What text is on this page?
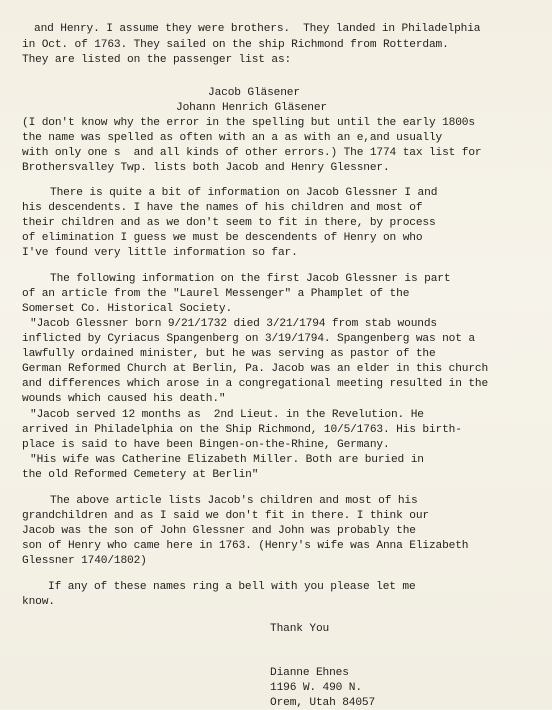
and Henry. I assume they were brothers.  They landed in Philadelphia
in Oct. of 1763. They sailed on the ship Richmond from Rotterdam.
They are listed on the passenger list as:
Jacob Gläsener
Johann Henrich Gläsener
(I don't know why the error in the spelling but until the early 1800s
the name was spelled as often with an a as with an e,and usually
with only one s  and all kinds of other errors.) The 1774 tax list for
Brothersvalley Twp. lists both Jacob and Henry Glessner.
There is quite a bit of information on Jacob Glessner I and
his descendents. I have the names of his children and most of
their children and as we don't seem to fit in there, by process
of elimination I guess we must be descendents of Henry on who
I've found very little information so far.
The following information on the first Jacob Glessner is part
of an article from the "Laurel Messenger" a Phamplet of the
Somerset Co. Historical Society.
"Jacob Glessner born 9/21/1732 died 3/21/1794 from stab wounds
inflicted by Cyriacus Spangenberg on 3/19/1794. Spangenberg was not a
lawfully ordained minister, but he was serving as pastor of the
German Reformed Church at Berlin, Pa. Jacob was an elder in this church
and differences which arose in a congregational meeting resulted in the
wounds which caused his death."
"Jacob served 12 months as  2nd Lieut. in the Revelution. He
arrived in Philadelphia on the Ship Richmond, 10/5/1763. His birth-
place is said to have been Bingen-on-the-Rhine, Germany.
"His wife was Catherine Elizabeth Miller. Both are buried in
the old Reformed Cemetery at Berlin"
The above article lists Jacob's children and most of his
grandchildren and as I said we don't fit in there. I think our
Jacob was the son of John Glessner and John was probably the
son of Henry who came here in 1763. (Henry's wife was Anna Elizabeth
Glessner 1740/1802)
If any of these names ring a bell with you please let me
know.
Thank You
Dianne Ehnes
1196 W. 490 N.
Orem, Utah 84057
